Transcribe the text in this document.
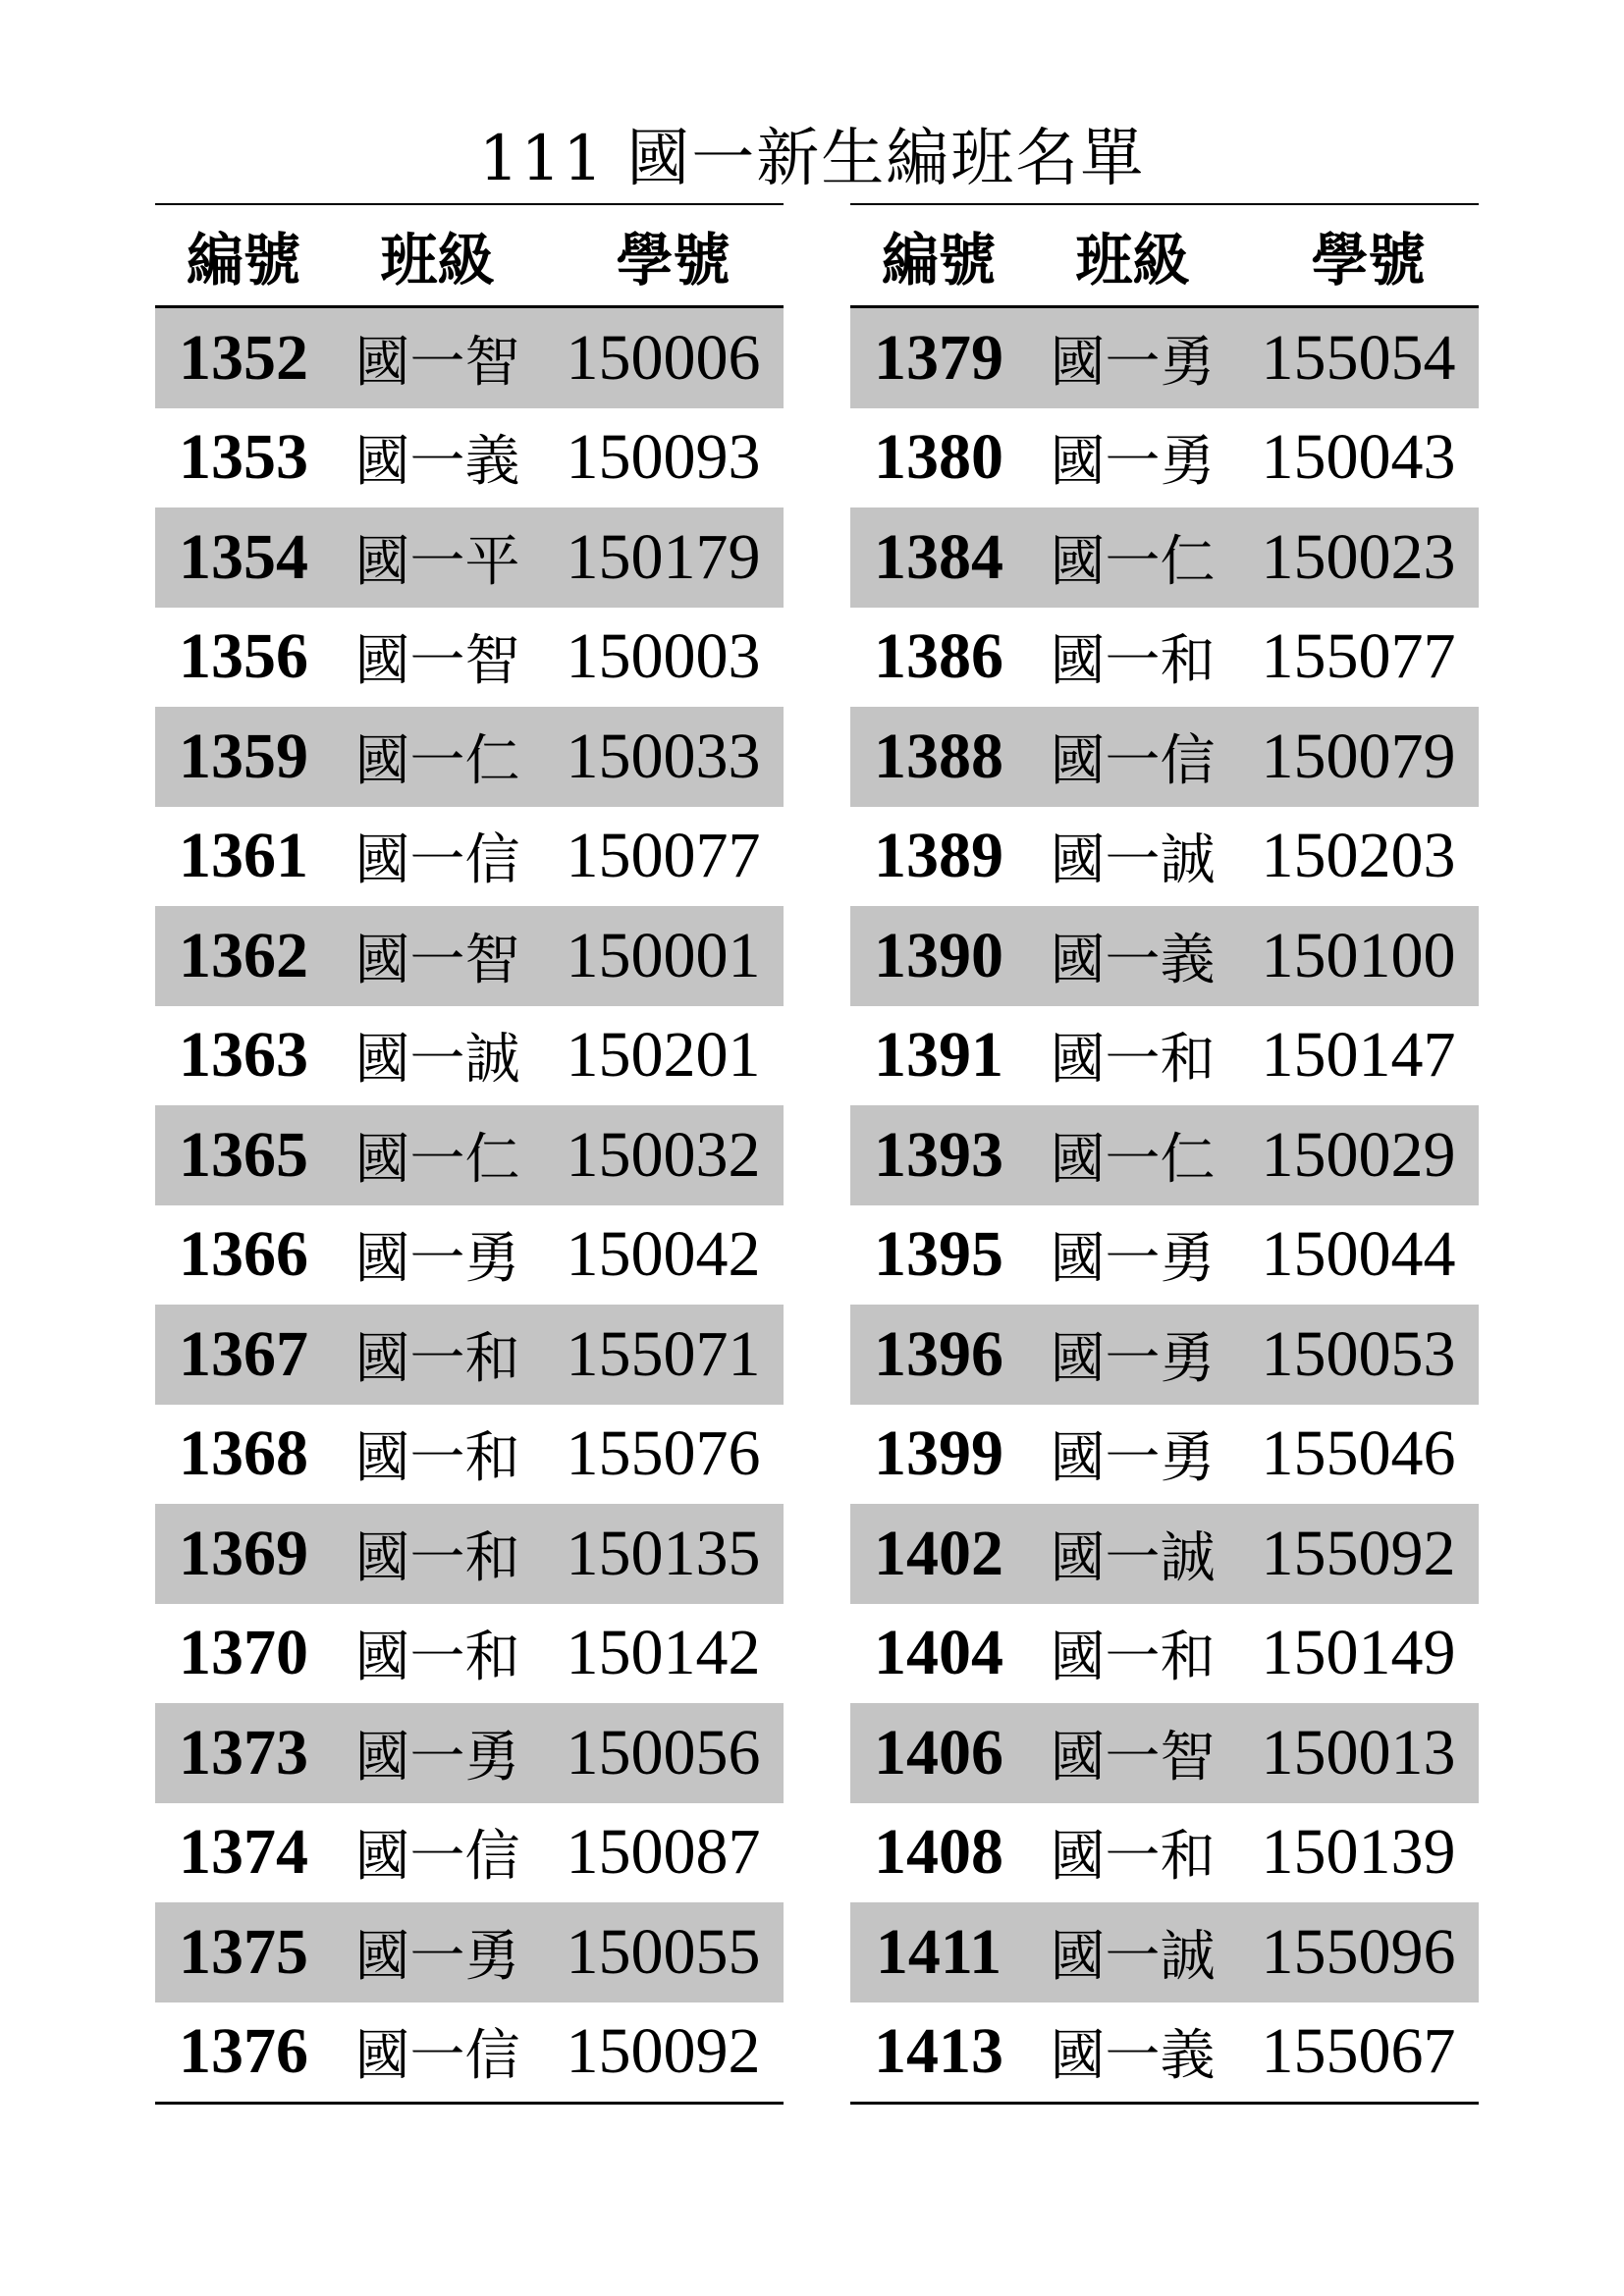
111 國一新生編班名單
編號	班級	學號
1352 國一智 150006
1353 國一義 150093
1354 國一平 150179
1356 國一智 150003
1359 國一仁 150033
1361 國一信 150077
1362 國一智 150001
1363 國一誠 150201
1365 國一仁 150032
1366 國一勇 150042
1367 國一和 155071
1368 國一和 155076
1369 國一和 150135
1370 國一和 150142
1373 國一勇 150056
1374 國一信 150087
1375 國一勇 150055
1376 國一信 150092
編號	班級	學號
1379 國一勇 155054
1380 國一勇 150043
1384 國一仁 150023
1386 國一和 155077
1388 國一信 150079
1389 國一誠 150203
1390 國一義 150100
1391 國一和 150147
1393 國一仁 150029
1395 國一勇 150044
1396 國一勇 150053
1399 國一勇 155046
1402 國一誠 155092
1404 國一和 150149
1406 國一智 150013
1408 國一和 150139
1411 國一誠 155096
1413 國一義 155067
